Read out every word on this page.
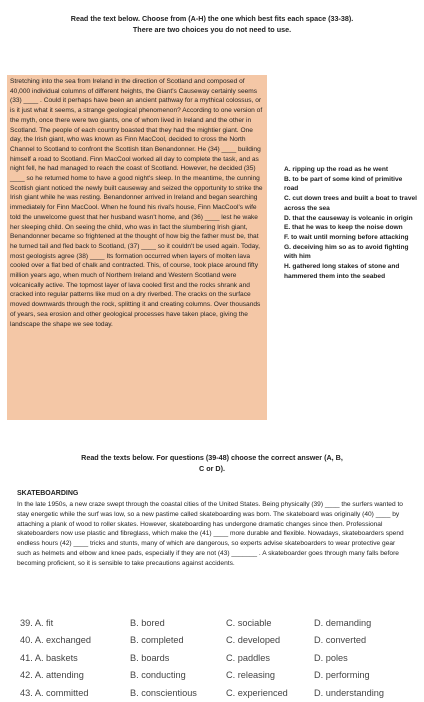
Read the text below. Choose from (A-H) the one which best fits each space (33-38). There are two choices you do not need to use.
Stretching into the sea from Ireland in the direction of Scotland and composed of 40,000 individual columns of different heights, the Giant's Causeway certainly seems (33) ____ . Could it perhaps have been an ancient pathway for a mythical colossus, or is it just what it seems, a strange geological phenomenon? According to one version of the myth, once there were two giants, one of whom lived in Ireland and the other in Scotland. The people of each country boasted that they had the mightier giant. One day, the Irish giant, who was known as Finn MacCool, decided to cross the North Channel to Scotland to confront the Scottish titan Benandonner. He (34) ____ building himself a road to Scotland. Finn MacCool worked all day to complete the task, and as night fell, he had managed to reach the coast of Scotland. However, he decided (35) ____ so he returned home to have a good night's sleep. In the meantime, the cunning Scottish giant noticed the newly built causeway and seized the opportunity to strike the Irish giant while he was resting. Benandonner arrived in Ireland and began searching immediately for Finn MacCool. When he found his rival's house, Finn MacCool's wife told the unwelcome guest that her husband wasn't home, and (36) ____ lest he wake her sleeping child. On seeing the child, who was in fact the slumbering Irish giant, Benandonner became so frightened at the thought of how big the father must be, that he turned tail and fled back to Scotland, (37) ____ so it couldn't be used again. Today, most geologists agree (38) ____ Its formation occurred when layers of molten lava cooled over a flat bed of chalk and contracted. This, of course, took place around fifty million years ago, when much of Northern Ireland and Western Scotland were volcanically active. The topmost layer of lava cooled first and the rocks shrank and cracked into regular patterns like mud on a dry riverbed. The cracks on the surface moved downwards through the rock, splitting it and creating columns. Over thousands of years, sea erosion and other geological processes have taken place, giving the landscape the shape we see today.
A. ripping up the road as he went
B. to be part of some kind of primitive road
C. cut down trees and built a boat to travel across the sea
D. that the causeway is volcanic in origin
E. that he was to keep the noise down
F. to wait until morning before attacking
G. deceiving him so as to avoid fighting with him
H. gathered long stakes of stone and hammered them into the seabed
Read the texts below. For questions (39-48) choose the correct answer (A, B, C or D).
SKATEBOARDING
In the late 1950s, a new craze swept through the coastal cities of the United States. Being physically (39) ____ the surfers wanted to stay energetic while the surf was low, so a new pastime called skateboarding was born. The skateboard was originally (40) ____ by attaching a plank of wood to roller skates. However, skateboarding has undergone dramatic changes since then. Professional skateboarders now use plastic and fibreglass, which make the (41) ____ more durable and flexible. Nowadays, skateboarders spend endless hours (42) ____ tricks and stunts, many of which are dangerous, so experts advise skateboarders to wear protective gear such as helmets and elbow and knee pads, especially if they are not (43) _______ . A skateboarder goes through many falls before becoming proficient, so it is sensible to take precautions against accidents.
39. A. fit	B. bored	C. sociable	D. demanding
40. A. exchanged	B. completed	C. developed	D. converted
41. A. baskets	B. boards	C. paddles	D. poles
42. A. attending	B. conducting	C. releasing	D. performing
43. A. committed	B. conscientious	C. experienced	D. understanding
